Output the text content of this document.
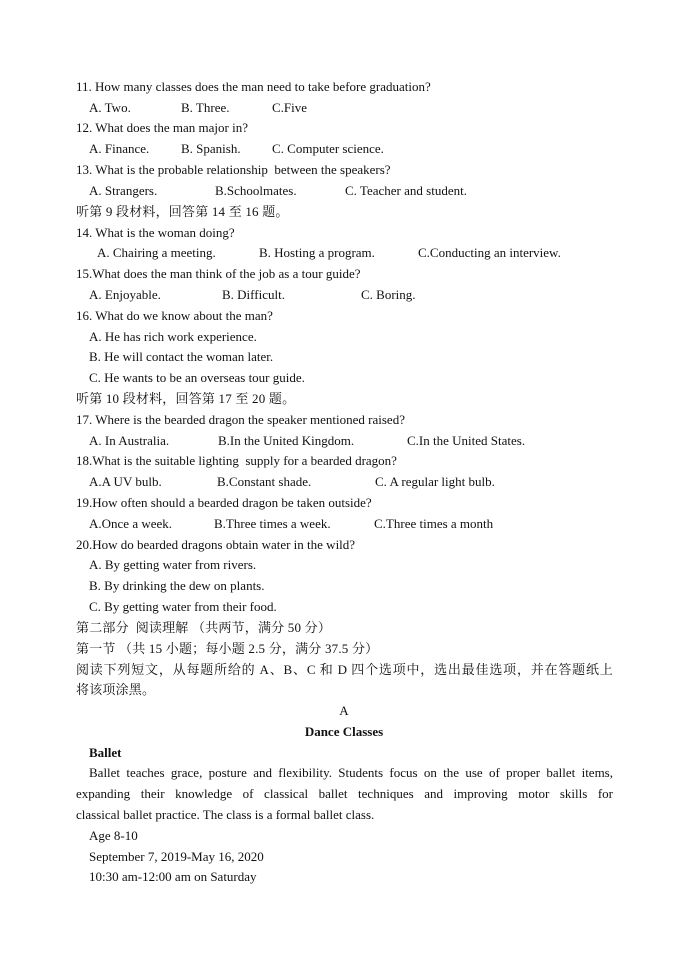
11. How many classes does the man need to take before graduation?
A. Two.	B. Three.	C.Five
12. What does the man major in?
A. Finance. B. Spanish. C. Computer science.
13. What is the probable relationship  between the speakers?
A. Strangers.	B.Schoolmates.	C. Teacher and student.
听第 9 段材料，回答第 14 至 16 题。
14. What is the woman doing?
A. Chairing a meeting.	B. Hosting a program.	C.Conducting an interview.
15.What does the man think of the job as a tour guide?
A. Enjoyable.	B. Difficult.	C. Boring.
16. What do we know about the man?
A. He has rich work experience.
B. He will contact the woman later.
C. He wants to be an overseas tour guide.
听第 10 段材料，回答第 17 至 20 题。
17. Where is the bearded dragon the speaker mentioned raised?
A. In Australia.	B.In the United Kingdom.	C.In the United States.
18.What is the suitable lighting  supply for a bearded dragon?
A.A UV bulb.	B.Constant shade.	C. A regular light bulb.
19.How often should a bearded dragon be taken outside?
A.Once a week.	B.Three times a week.	C.Three times a month
20.How do bearded dragons obtain water in the wild?
A. By getting water from rivers.
B. By drinking the dew on plants.
C. By getting water from their food.
第二部分  阅读理解 （共两节，满分 50 分）
第一节 （共 15 小题；每小题 2.5 分，满分 37.5 分）
阅读下列短文，从每题所给的 A、B、C 和 D 四个选项中，选出最佳选项，并在答题纸上
将该项涂黑。
A
Dance Classes
Ballet
Ballet teaches grace, posture and flexibility. Students focus on the use of proper ballet items,
expanding their knowledge of classical ballet techniques and improving motor skills for
classical ballet practice. The class is a formal ballet class.
Age 8-10
September 7, 2019-May 16, 2020
10:30 am-12:00 am on Saturday
